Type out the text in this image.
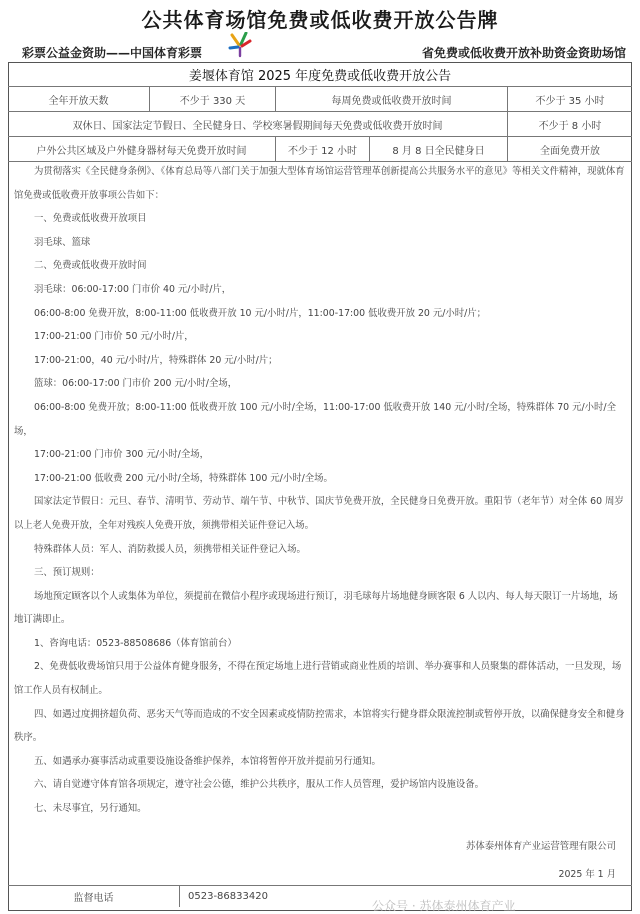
公共体育场馆免费或低收费开放公告牌
彩票公益金资助——中国体育彩票	省免费或低收费开放补助资金资助场馆
姜堰体育馆 2025 年度免费或低收费开放公告
全年开放天数	不少于 330 天	每周免费或低收费开放时间	不少于 35 小时
双休日、国家法定节假日、全民健身日、学校寒暑假期间每天免费或低收费开放时间	不少于 8 小时
户外公共区域及户外健身器材每天免费开放时间	不少于 12 小时	8 月 8 日全民健身日	全面免费开放

为贯彻落实《全民健身条例》、《体育总局等八部门关于加强大型体育场馆运营管理革创新提高公共服务水平的意见》等相关文件精神，现就体育馆免费或低收费开放事项公告如下：

一、免费或低收费开放项目

羽毛球、篮球

二、免费或低收费开放时间

羽毛球：06:00-17:00 门市价 40 元/小时/片，

06:00-8:00 免费开放，8:00-11:00 低收费开放 10 元/小时/片，11:00-17:00 低收费开放 20 元/小时/片；

17:00-21:00 门市价 50 元/小时/片，

17:00-21:00，40 元/小时/片，特殊群体 20 元/小时/片；

篮球：06:00-17:00 门市价 200 元/小时/全场，

06:00-8:00 免费开放；8:00-11:00 低收费开放 100 元/小时/全场，11:00-17:00 低收费开放 140 元/小时/全场，特殊群体 70 元/小时/全场，

17:00-21:00 门市价 300 元/小时/全场，

17:00-21:00 低收费 200 元/小时/全场，特殊群体 100 元/小时/全场。

国家法定节假日：元旦、春节、清明节、劳动节、端午节、中秋节、国庆节免费开放，全民健身日免费开放。重阳节（老年节）对全体 60 周岁以上老人免费开放，全年对残疾人免费开放，须携带相关证件登记入场。

特殊群体人员：军人、消防救援人员，须携带相关证件登记入场。

三、预订规则：

场地预定顾客以个人或集体为单位，须提前在微信小程序或现场进行预订，羽毛球每片场地健身顾客限 6 人以内、每人每天限订一片场地，场地订满即止。

1、咨询电话：0523-88508686（体育馆前台）

2、免费低收费场馆只用于公益体育健身服务，不得在预定场地上进行营销或商业性质的培训、举办赛事和人员聚集的群体活动，一旦发现，场馆工作人员有权制止。

四、如遇过度拥挤超负荷、恶劣天气等而造成的不安全因素或疫情防控需求，本馆将实行健身群众限流控制或暂停开放，以确保健身安全和健身秩序。

五、如遇承办赛事活动或重要设施设备维护保养，本馆将暂停开放并提前另行通知。

六、请自觉遵守体育馆各项规定，遵守社会公德，维护公共秩序，服从工作人员管理，爱护场馆内设施设备。

七、未尽事宜，另行通知。

苏体泰州体育产业运营管理有限公司
2025 年 1 月
监督电话	0523-86833420
公众号 · 苏体泰州体育产业
